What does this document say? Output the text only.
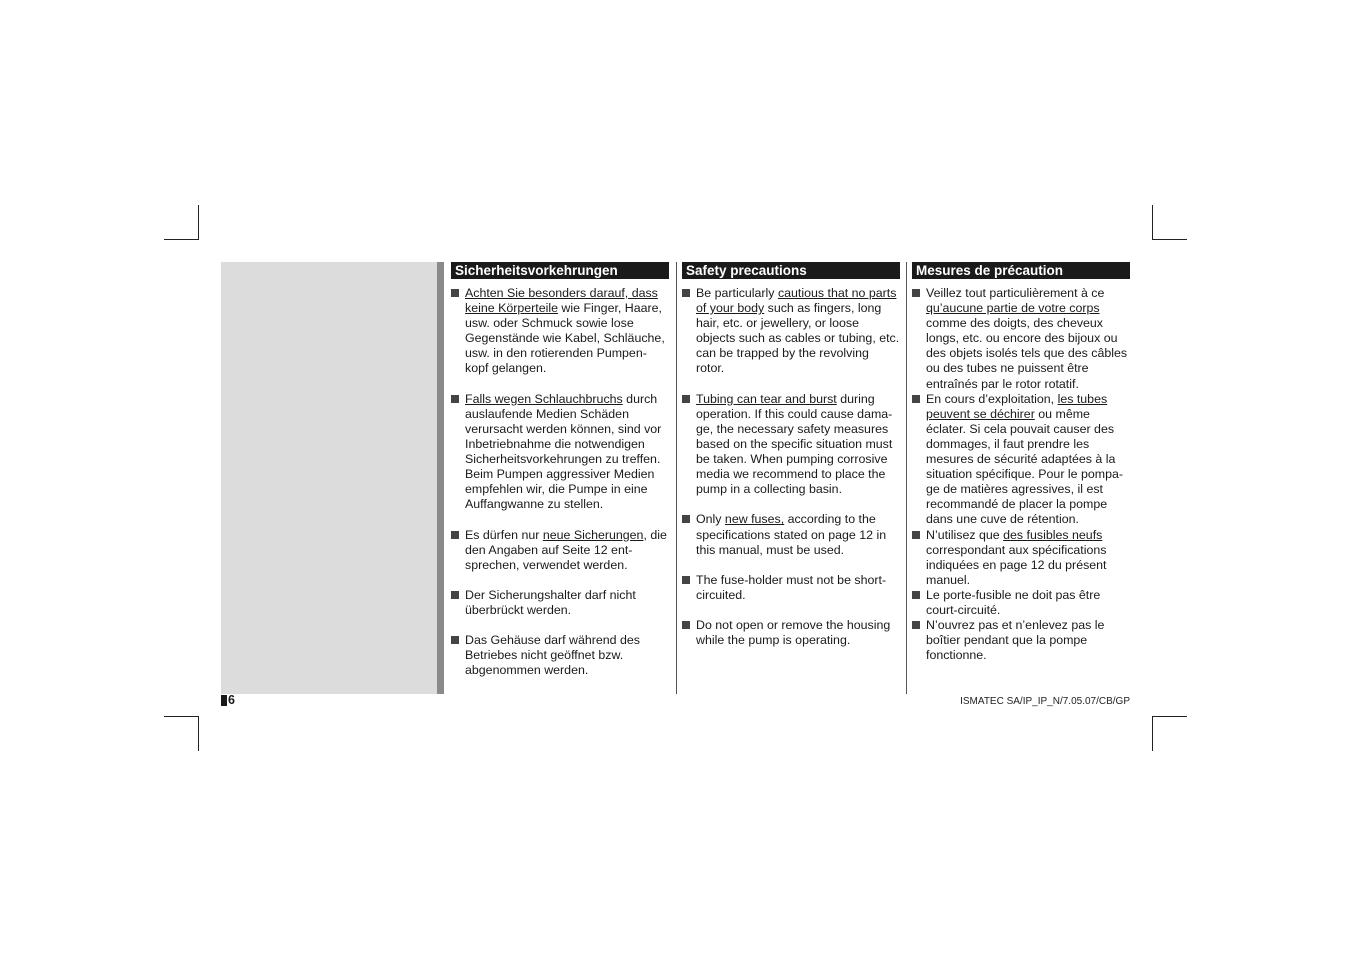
Sicherheitsvorkehrungen
Achten Sie besonders darauf, dass keine Körperteile wie Finger, Haare, usw. oder Schmuck sowie lose Gegenstände wie Kabel, Schläuche, usw. in den rotierenden Pumpen-kopf gelangen.
Falls wegen Schlauchbruchs durch auslaufende Medien Schäden verursacht werden können, sind vor Inbetriebnahme die notwendigen Sicherheitsvorkehrungen zu treffen. Beim Pumpen aggressiver Medien empfehlen wir, die Pumpe in eine Auffangwanne zu stellen.
Es dürfen nur neue Sicherungen, die den Angaben auf Seite 12 ent-sprechen, verwendet werden.
Der Sicherungshalter darf nicht überbrückt werden.
Das Gehäuse darf während des Betriebes nicht geöffnet bzw. abgenommen werden.
Safety precautions
Be particularly cautious that no parts of your body such as fingers, long hair, etc. or jewellery, or loose objects such as cables or tubing, etc. can be trapped by the revolving rotor.
Tubing can tear and burst during operation. If this could cause dama-ge, the necessary safety measures based on the specific situation must be taken. When pumping corrosive media we recommend to place the pump in a collecting basin.
Only new fuses, according to the specifications stated on page 12 in this manual, must be used.
The fuse-holder must not be short-circuited.
Do not open or remove the housing while the pump is operating.
Mesures de précaution
Veillez tout particulièrement à ce qu’aucune partie de votre corps comme des doigts, des cheveux longs, etc. ou encore des bijoux ou des objets isolés tels que des câbles ou des tubes ne puissent être entraînés par le rotor rotatif.
En cours d’exploitation, les tubes peuvent se déchirer ou même éclater. Si cela pouvait causer des dommages, il faut prendre les mesures de sécurité adaptées à la situation spécifique. Pour le pompa-ge de matières agressives, il est recommandé de placer la pompe dans une cuve de rétention.
N’utilisez que des fusibles neufs correspondant aux spécifications indiquées en page 12 du présent manuel.
Le porte-fusible ne doit pas être court-circuité.
N’ouvrez pas et n’enlevez pas le boîtier pendant que la pompe fonctionne.
6	ISMATEC SA/IP_IP_N/7.05.07/CB/GP
